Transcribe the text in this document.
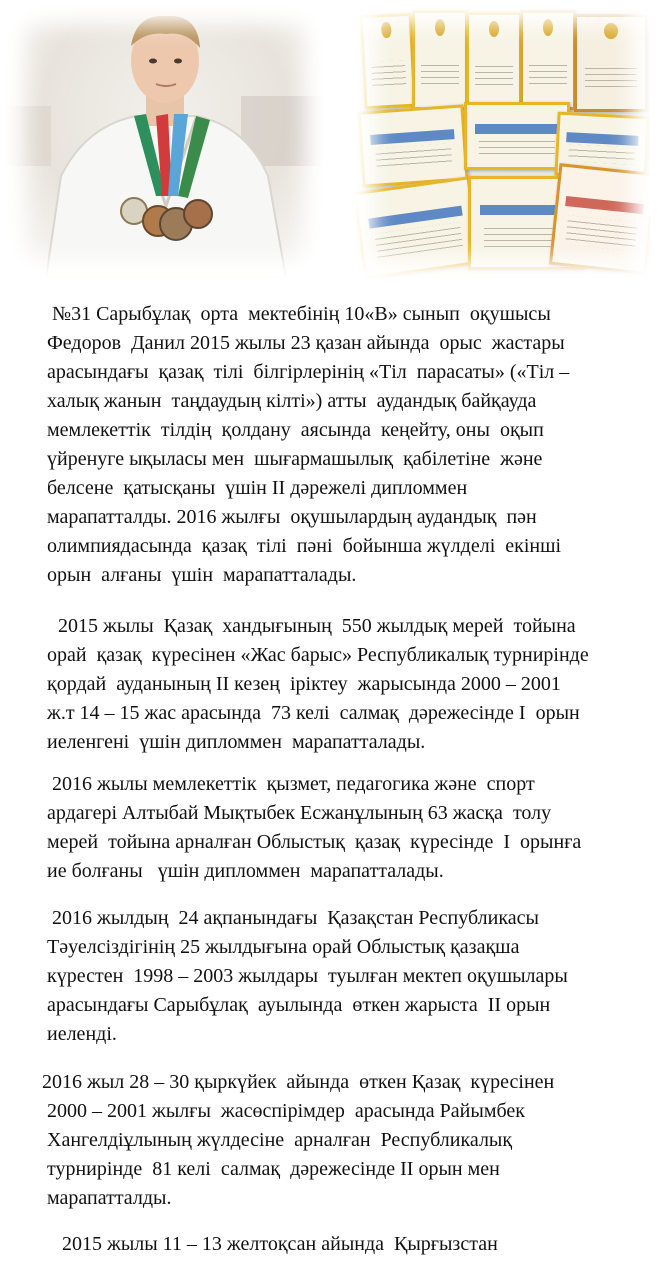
№31 Сарыбұлақ  орта  мектебінің 10«В» сынып  оқушысы
Федоров  Данил 2015 жылы 23 қазан айында  орыс  жастары
арасындағы  қазақ  тілі  білгірлерінің «Тіл  парасаты» («Тіл –
халық жанын  таңдаудың кілті») атты  аудандық байқауда
мемлекеттік  тілдің  қолдану  аясында  кеңейту, оны  оқып
үйренуге ықыласы мен  шығармашылық  қабілетіне  және
белсене  қатысқаны  үшін ІІ дәрежелі дипломмен
марапатталды. 2016 жылғы  оқушылардың аудандық  пән
олимпиядасында  қазақ  тілі  пәні  бойынша жүлделі  екінші
орын  алғаны  үшін  марапатталады.
2015 жылы  Қазақ  хандығының  550 жылдық мерей  тойына
орай  қазақ  күресінен «Жас барыс» Республикалық турнирінде
қордай  ауданының ІІ кезең  іріктеу  жарысында 2000 – 2001
ж.т 14 – 15 жас арасында  73 келі  салмақ  дәрежесінде І  орын
иеленгені  үшін дипломмен  марапатталады.
2016 жылы мемлекеттік  қызмет, педагогика және  спорт
ардагері Алтыбай Мықтыбек Есжанұлының 63 жасқа  толу
мерей  тойына арналған Облыстық  қазақ  күресінде  І  орынға
ие болғаны   үшін дипломмен  марапатталады.
2016 жылдың  24 ақпанындағы  Қазақстан Республикасы
Тәуелсіздігінің 25 жылдығына орай Облыстық қазақша
күрестен  1998 – 2003 жылдары  туылған мектеп оқушылары
арасындағы Сарыбұлақ  ауылында  өткен жарыста  ІІ орын
иеленді.
2016 жыл 28 – 30 қыркүйек  айында  өткен Қазақ  күресінен
2000 – 2001 жылғы  жасөспірімдер  арасында Райымбек
Хангелдіұлының жүлдесіне  арналған  Республикалық
турнирінде  81 келі  салмақ  дәрежесінде ІІ орын мен
марапатталды.
2015 жылы 11 – 13 желтоқсан айында  Қырғызстан
